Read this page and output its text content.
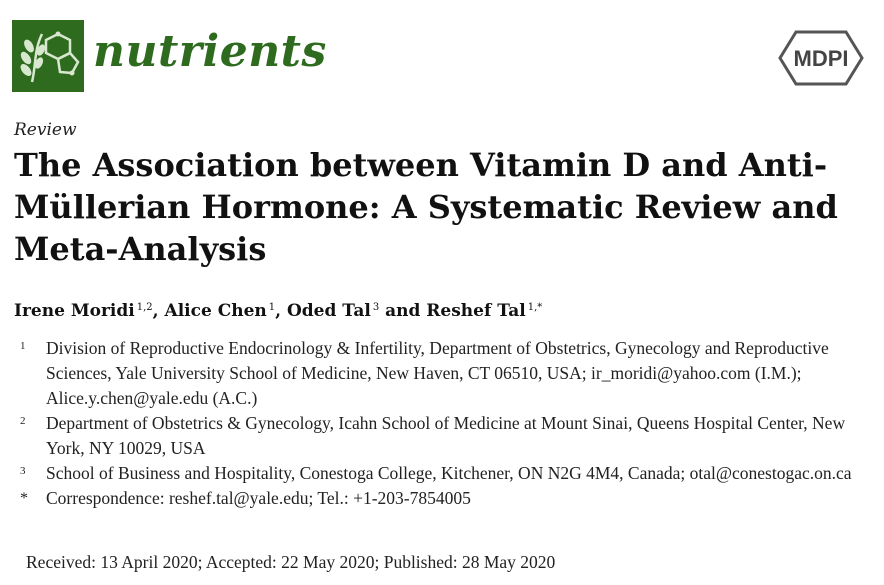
nutrients	MDPI
Review
The Association between Vitamin D and Anti-
Müllerian Hormone: A Systematic Review and
Meta-Analysis
Irene Moridi $^{1,2}$, Alice Chen $^1$, Oded Tal $^3$ and Reshef Tal $^{1,*}$
1	Division of Reproductive Endocrinology & Infertility, Department of Obstetrics, Gynecology and Reproductive Sciences, Yale University School of Medicine, New Haven, CT 06510, USA; ir_moridi@yahoo.com (I.M.); Alice.y.chen@yale.edu (A.C.)
2	Department of Obstetrics & Gynecology, Icahn School of Medicine at Mount Sinai, Queens Hospital Center, New York, NY 10029, USA
3	School of Business and Hospitality, Conestoga College, Kitchener, ON N2G 4M4, Canada; otal@conestogac.on.ca
*	Correspondence: reshef.tal@yale.edu; Tel.: +1-203-7854005
Received: 13 April 2020; Accepted: 22 May 2020; Published: 28 May 2020
